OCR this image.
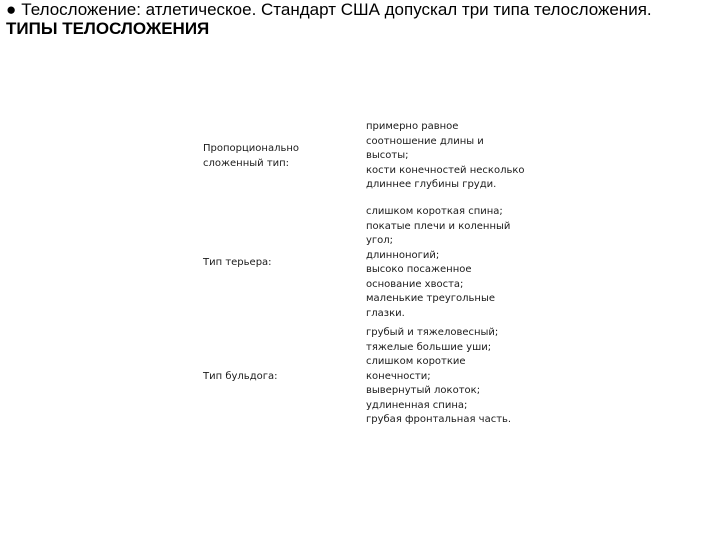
● Телосложение: атлетическое. Стандарт США допускал три типа телосложения.
ТИПЫ ТЕЛОСЛОЖЕНИЯ
Пропорционально сложенный тип:
примерно равное
соотношение длины и
высоты;
кости конечностей несколько
длиннее глубины груди.
Тип терьера:
слишком короткая спина;
покатые плечи и коленный
угол;
длинноногий;
высоко посаженное
основание хвоста;
маленькие треугольные
глазки.
Тип бульдога:
грубый и тяжеловесный;
тяжелые большие уши;
слишком короткие
конечности;
вывернутый локоток;
удлиненная спина;
грубая фронтальная часть.
